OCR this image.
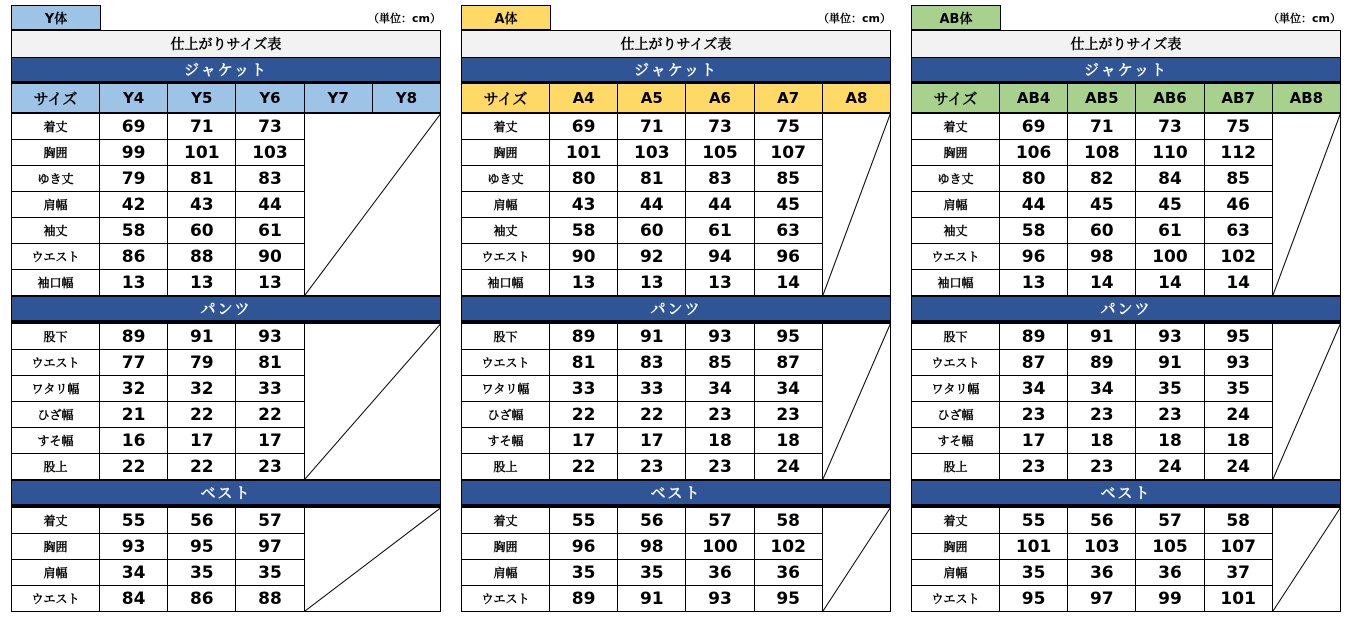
Y体	（単位：cm）
仕上がりサイズ表
ジャケット
サイズ	Y4	Y5	Y6	Y7	Y8
着丈	69	71	73	

胸囲	99	101	103		
ゆき丈	79	81	83		
肩幅	42	43	44		
袖丈	58	60	61		
ウエスト	86	88	90		
袖口幅	13	13	13		
パンツ
股下	89	91	93	

ウエスト	77	79	81	
ワタリ幅	32	32	33	
ひざ幅	21	22	22	
すそ幅	16	17	17	
股上	22	22	23	
ベスト
着丈	55	56	57	

胸囲	93	95	97	
肩幅	34	35	35	
ウエスト	84	86	88	
A体	（単位：cm）
仕上がりサイズ表
ジャケット
サイズ	A4	A5	A6	A7	A8
着丈	69	71	73	75	

胸囲	101	103	105	107	
ゆき丈	80	81	83	85	
肩幅	43	44	44	45	
袖丈	58	60	61	63	
ウエスト	90	92	94	96	
袖口幅	13	13	13	14	
パンツ
股下	89	91	93	95	

ウエスト	81	83	85	87	
ワタリ幅	33	33	34	34	
ひざ幅	22	22	23	23	
すそ幅	17	17	18	18	
股上	22	23	23	24	
ベスト
着丈	55	56	57	58	

胸囲	96	98	100	102	
肩幅	35	35	36	36	
ウエスト	89	91	93	95	
AB体	（単位：cm）
仕上がりサイズ表
ジャケット
サイズ	AB4	AB5	AB6	AB7	AB8
着丈	69	71	73	75	

胸囲	106	108	110	112	
ゆき丈	80	82	84	85	
肩幅	44	45	45	46	
袖丈	58	60	61	63	
ウエスト	96	98	100	102	
袖口幅	13	14	14	14	
パンツ
股下	89	91	93	95	

ウエスト	87	89	91	93	
ワタリ幅	34	34	35	35	
ひざ幅	23	23	23	24	
すそ幅	17	18	18	18	
股上	23	23	24	24	
ベスト
着丈	55	56	57	58	

胸囲	101	103	105	107	
肩幅	35	36	36	37	
ウエスト	95	97	99	101	
